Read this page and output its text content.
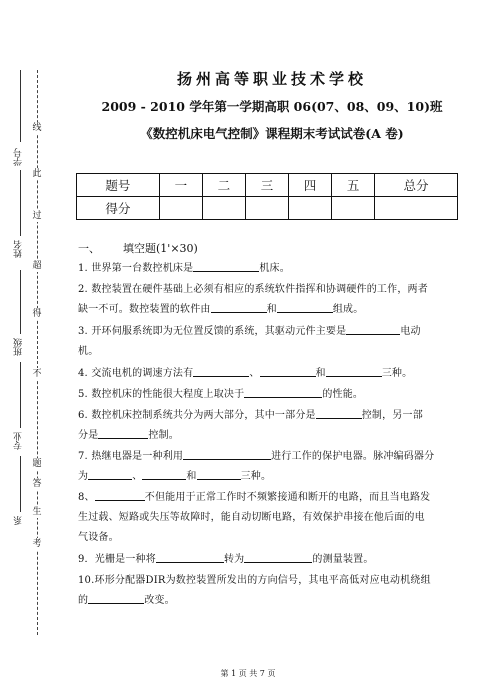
线
此
过
超
得
不
题
答
生
考
学号
姓名
班级
专业
系
扬州高等职业技术学校
2009 - 2010 学年第一学期高职 06(07、08、09、10)班
《数控机床电气控制》课程期末考试试卷(A 卷)
题号	一	二	三	四	五	总分
得分						
一、 填空题(1'×30)
1. 世界第一台数控机床是	机床。
2. 数控装置在硬件基础上必须有相应的系统软件指挥和协调硬件的工作，两者
缺一不可。数控装置的软件由	和	组成。
3. 开环伺服系统即为无位置反馈的系统，其驱动元件主要是	电动
机。
4. 交流电机的调速方法有	、	和	三种。
5. 数控机床的性能很大程度上取决于	的性能。
6. 数控机床控制系统共分为两大部分，其中一部分是	控制，另一部
分是	控制。
7. 热继电器是一种利用	进行工作的保护电器。脉冲编码器分
为	、	和	三种。
8、	不但能用于正常工作时不频繁接通和断开的电路，而且当电路发
生过载、短路或失压等故障时，能自动切断电路，有效保护串接在他后面的电
气设备。
9．光栅是一种将	转为	的测量装置。
10.环形分配器DIR为数控装置所发出的方向信号，其电平高低对应电动机绕组
的	改变。
第 1 页 共 7 页
